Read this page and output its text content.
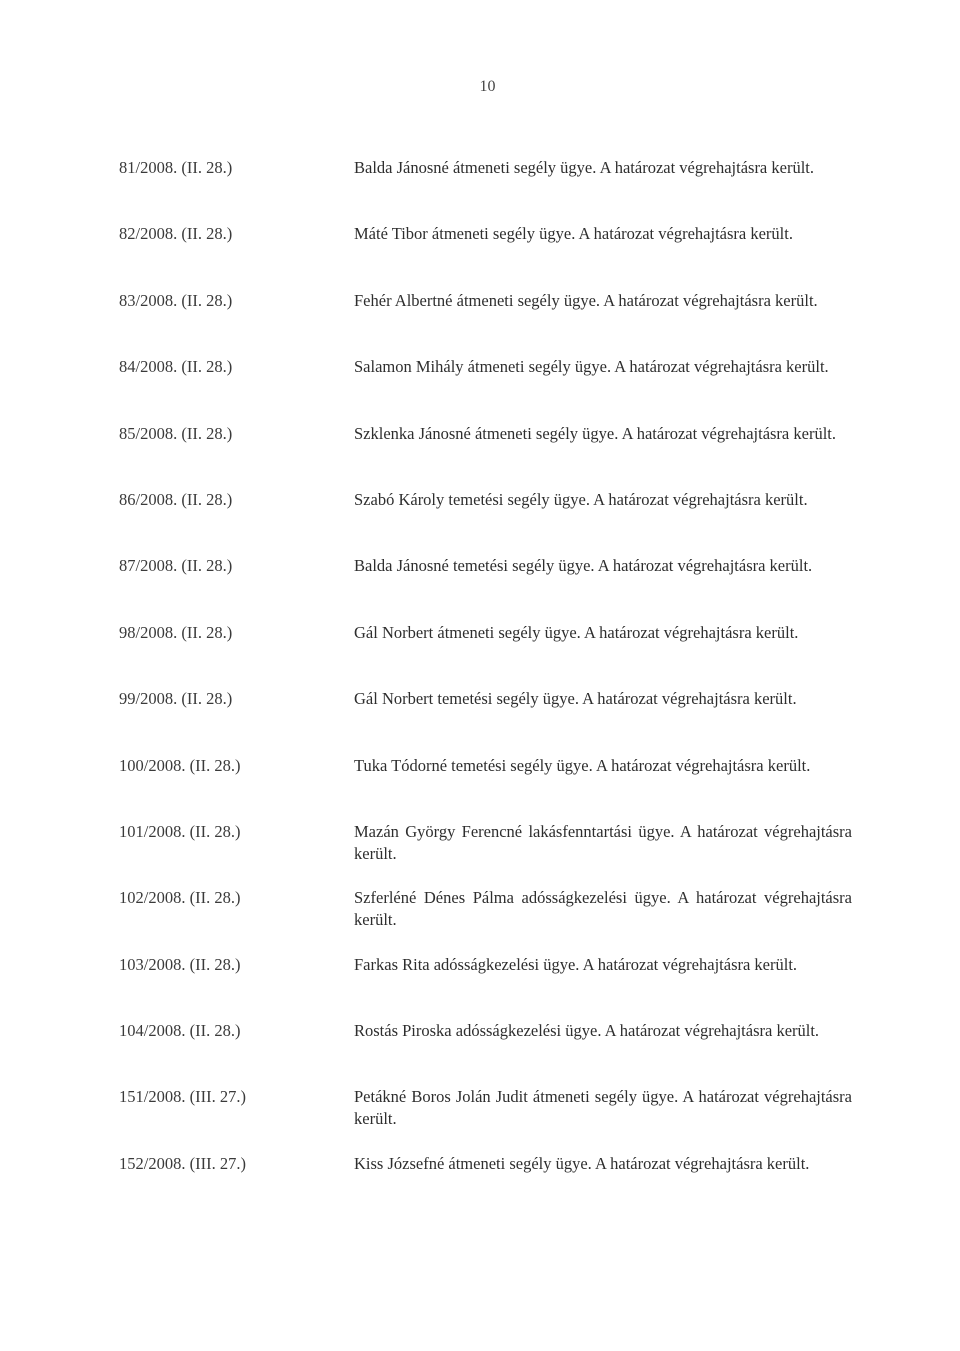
10
81/2008. (II. 28.)	Balda Jánosné átmeneti segély ügye. A határozat végrehajtásra került.
82/2008. (II. 28.)	Máté Tibor átmeneti segély ügye. A határozat végrehajtásra került.
83/2008. (II. 28.)	Fehér Albertné átmeneti segély ügye. A határozat végrehajtásra került.
84/2008. (II. 28.)	Salamon Mihály átmeneti segély ügye. A határozat végrehajtásra került.
85/2008. (II. 28.)	Szklenka Jánosné átmeneti segély ügye. A határozat végrehajtásra került.
86/2008. (II. 28.)	Szabó Károly temetési segély ügye. A határozat végrehajtásra került.
87/2008. (II. 28.)	Balda Jánosné temetési segély ügye. A határozat végrehajtásra került.
98/2008. (II. 28.)	Gál Norbert átmeneti segély ügye. A határozat végrehajtásra került.
99/2008. (II. 28.)	Gál Norbert temetési segély ügye. A határozat végrehajtásra került.
100/2008. (II. 28.)	Tuka Tódorné temetési segély ügye. A határozat végrehajtásra került.
101/2008. (II. 28.)	Mazán György Ferencné lakásfenntartási ügye. A határozat végrehajtásra került.
102/2008. (II. 28.)	Szferléné Dénes Pálma adósságkezelési ügye. A határozat végrehajtásra került.
103/2008. (II. 28.)	Farkas Rita adósságkezelési ügye. A határozat végrehajtásra került.
104/2008. (II. 28.)	Rostás Piroska adósságkezelési ügye. A határozat végrehajtásra került.
151/2008. (III. 27.)	Petákné Boros Jolán Judit átmeneti segély ügye. A határozat végrehajtásra került.
152/2008. (III. 27.)	Kiss Józsefné átmeneti segély ügye. A határozat végrehajtásra került.
